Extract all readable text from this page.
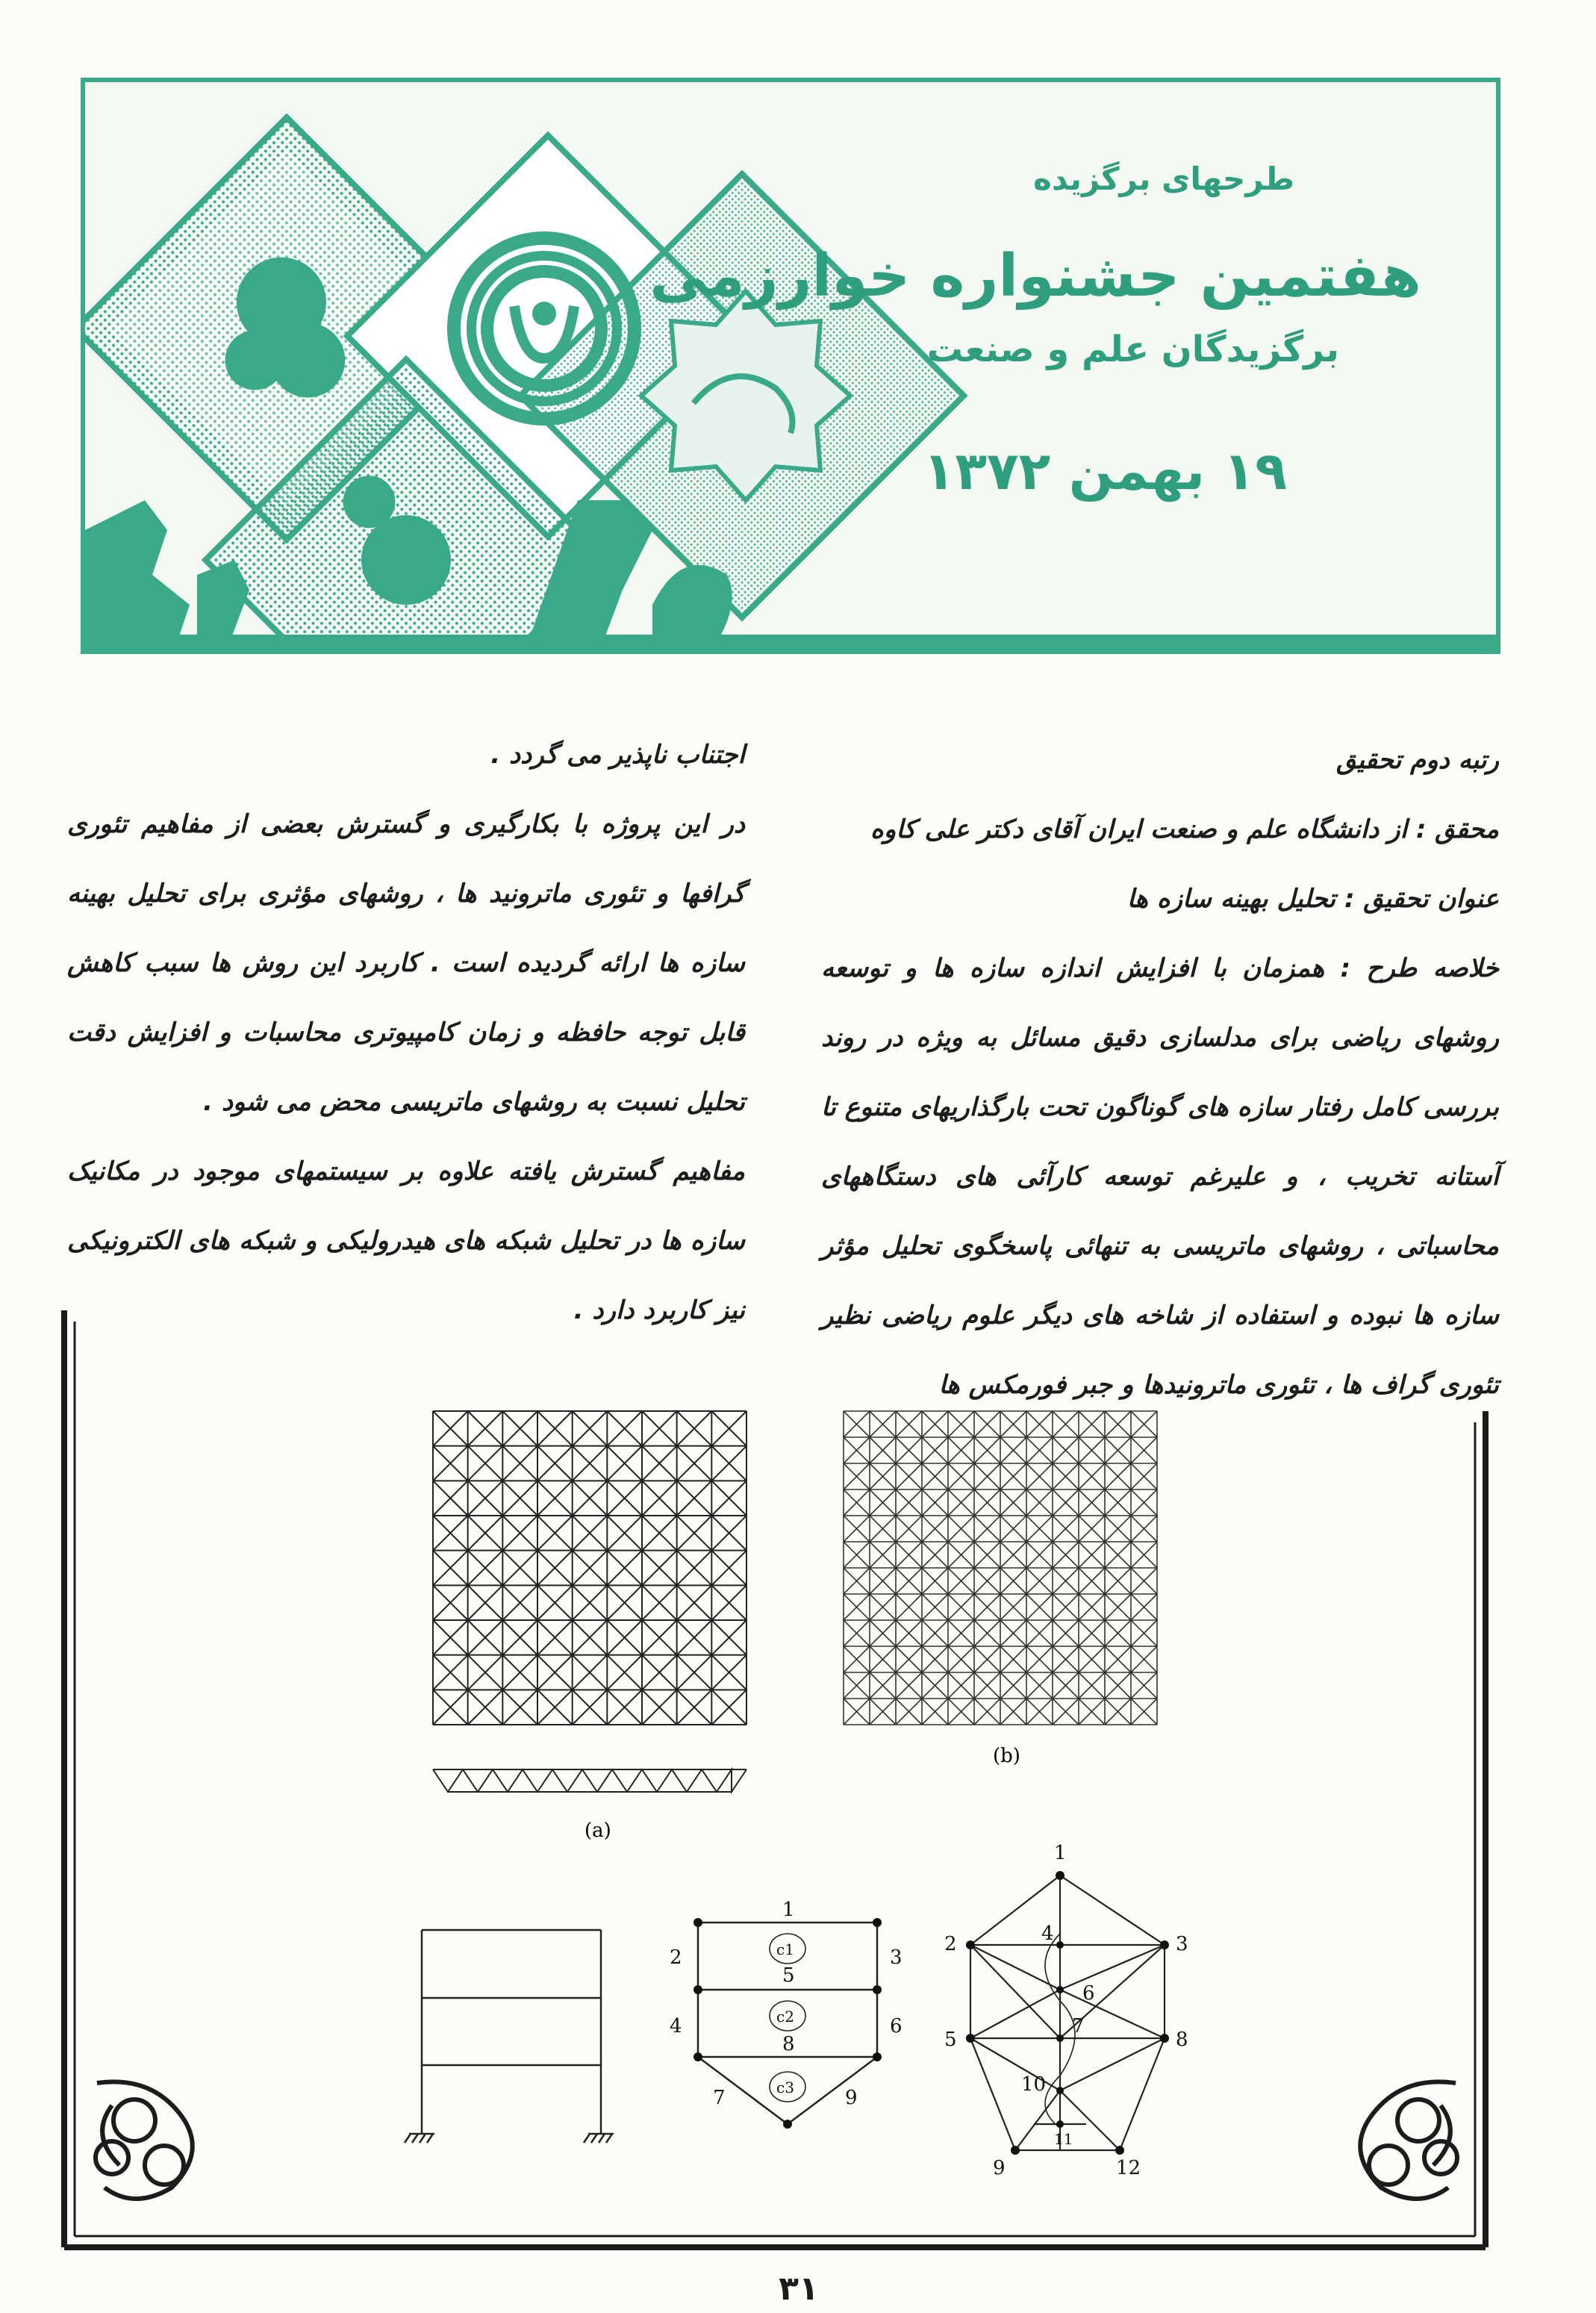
طرحهای برگزیده
هفتمین جشنواره خوارزمی
برگزیدگان علم و صنعت
۱۹ بهمن ۱۳۷۲

رتبه دوم تحقیق

محقق : از دانشگاه علم و صنعت ایران آقای دکتر علی کاوه

عنوان تحقیق : تحلیل بهینه سازه ها

خلاصه طرح : همزمان با افزایش اندازه سازه ها و توسعه روشهای ریاضی برای مدلسازی دقیق مسائل به ویژه در روند بررسی کامل رفتار سازه های گوناگون تحت بارگذاریهای متنوع تا آستانه تخریب ، و علیرغم توسعه کارآئی های دستگاههای محاسباتی ، روشهای ماتریسی به تنهائی پاسخگوی تحلیل مؤثر سازه ها نبوده و استفاده از شاخه های دیگر علوم ریاضی نظیر تئوری گراف ها ، تئوری ماترونیدها و جبر فورمکس ها

اجتناب ناپذیر می گردد .

در این پروژه با بکارگیری و گسترش بعضی از مفاهیم تئوری گرافها و تئوری ماترونید ها ، روشهای مؤثری برای تحلیل بهینه سازه ها ارائه گردیده است . کاربرد این روش ها سبب کاهش قابل توجه حافظه و زمان کامپیوتری محاسبات و افزایش دقت تحلیل نسبت به روشهای ماتریسی محض می شود .

مفاهیم گسترش یافته علاوه بر سیستمهای موجود در مکانیک سازه ها در تحلیل شبکه های هیدرولیکی و شبکه های الکترونیکی نیز کاربرد دارد .

(a)
(b)
1
2	3
4
5
6
8
7	9
c1
c2
c3
1
2	3
4
6
5
7
8
10
11
9	12
۳۱
